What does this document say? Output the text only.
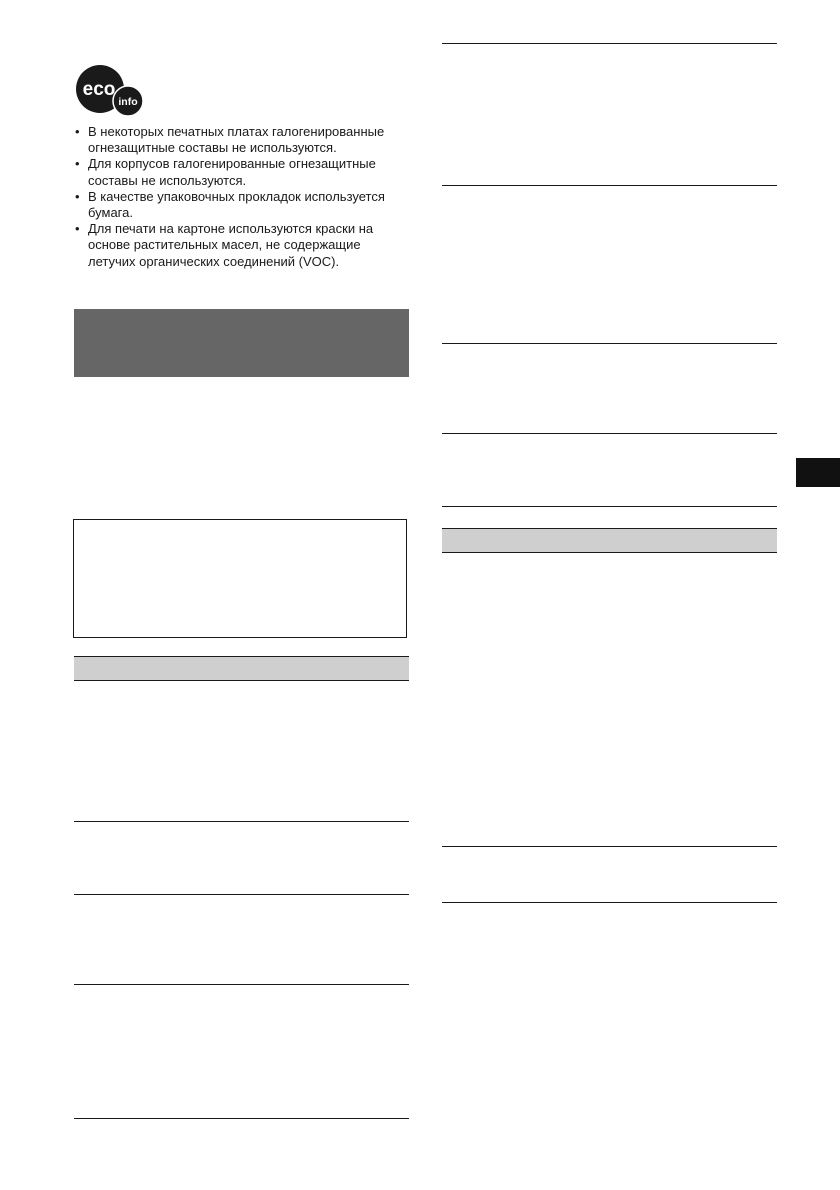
eco
info
• В некоторых печатных платах галогенированные огнезащитные составы не используются.
• Для корпусов галогенированные огнезащитные составы не используются.
• В качестве упаковочных прокладок используется бумага.
• Для печати на картоне используются краски на основе растительных масел, не содержащие летучих органических соединений (VOC).
